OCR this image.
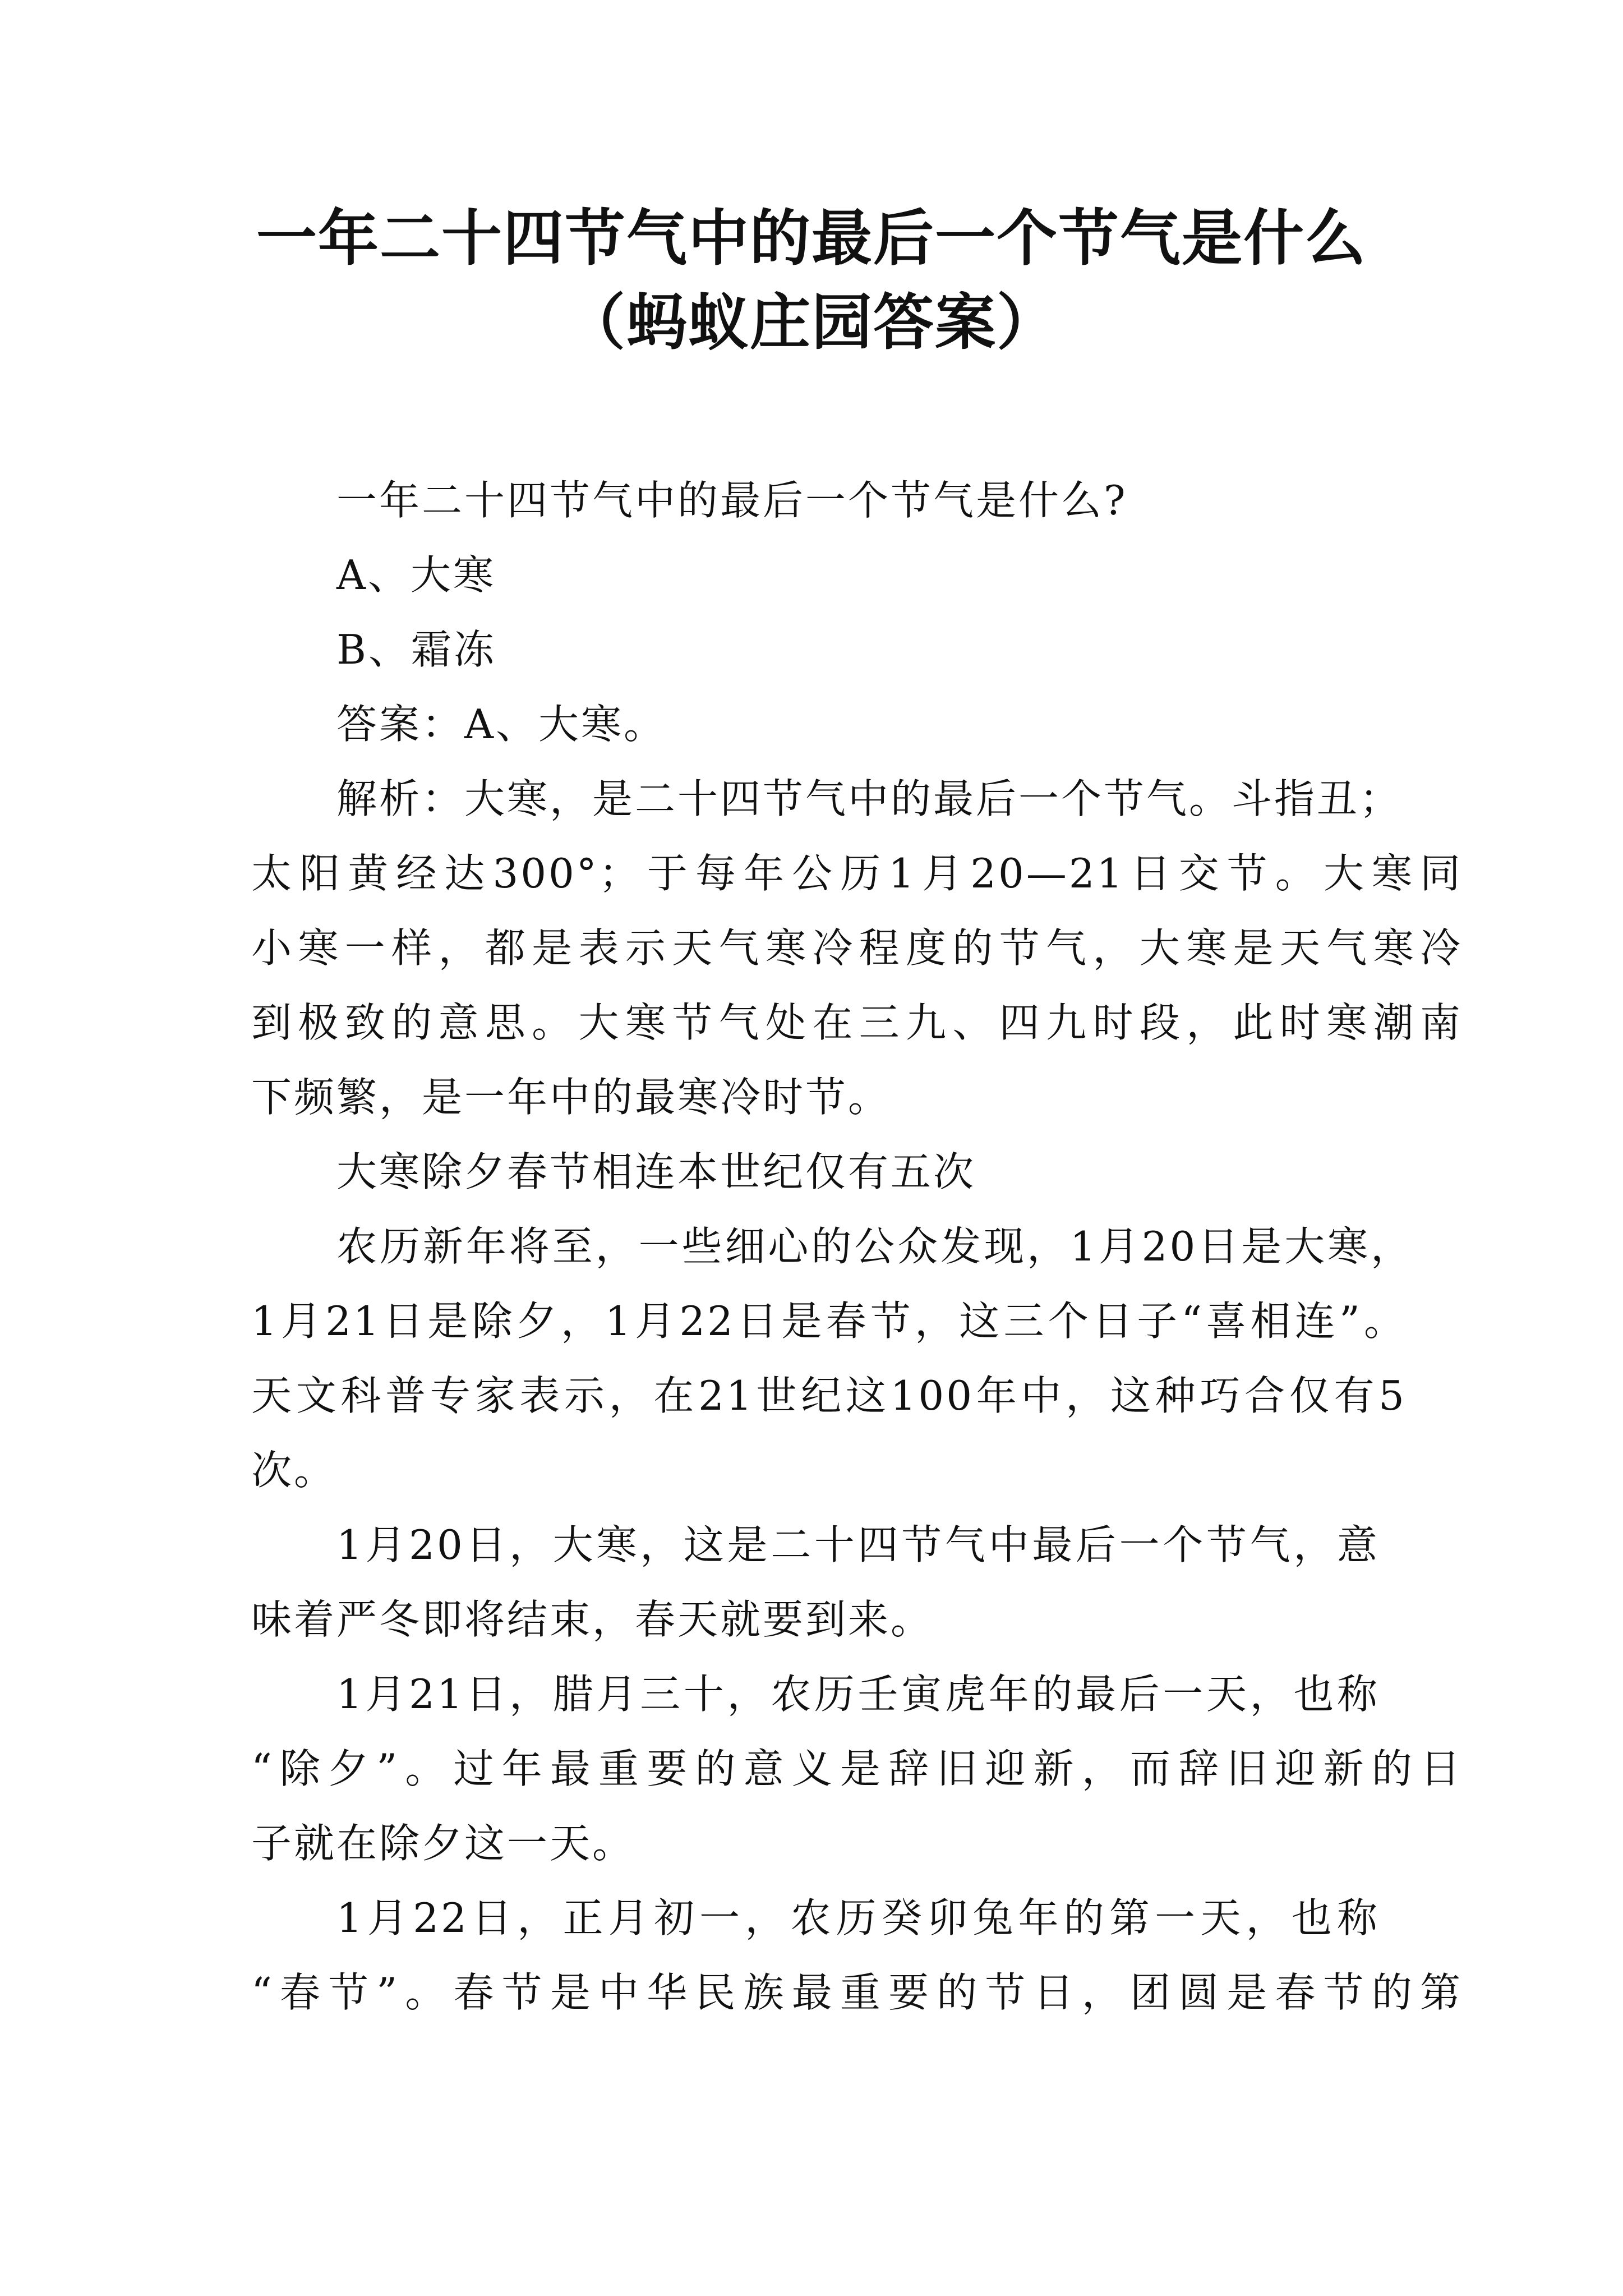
一年二十四节气中的最后一个节气是什么
（蚂蚁庄园答案）
一年二十四节气中的最后一个节气是什么?
A、大寒
B、霜冻
答案：A、大寒。
解析：大寒，是二十四节气中的最后一个节气。斗指丑；
太阳黄经达300°；于每年公历1月20—21日交节。大寒同
小寒一样，都是表示天气寒冷程度的节气，大寒是天气寒冷
到极致的意思。大寒节气处在三九、四九时段，此时寒潮南
下频繁，是一年中的最寒冷时节。
大寒除夕春节相连本世纪仅有五次
农历新年将至，一些细心的公众发现，1月20日是大寒，
1月21日是除夕，1月22日是春节，这三个日子“喜相连”。
天文科普专家表示，在21世纪这100年中，这种巧合仅有5
次。
1月20日，大寒，这是二十四节气中最后一个节气，意
味着严冬即将结束，春天就要到来。
1月21日，腊月三十，农历壬寅虎年的最后一天，也称
“除夕”。过年最重要的意义是辞旧迎新，而辞旧迎新的日
子就在除夕这一天。
1月22日，正月初一，农历癸卯兔年的第一天，也称
“春节”。春节是中华民族最重要的节日，团圆是春节的第
